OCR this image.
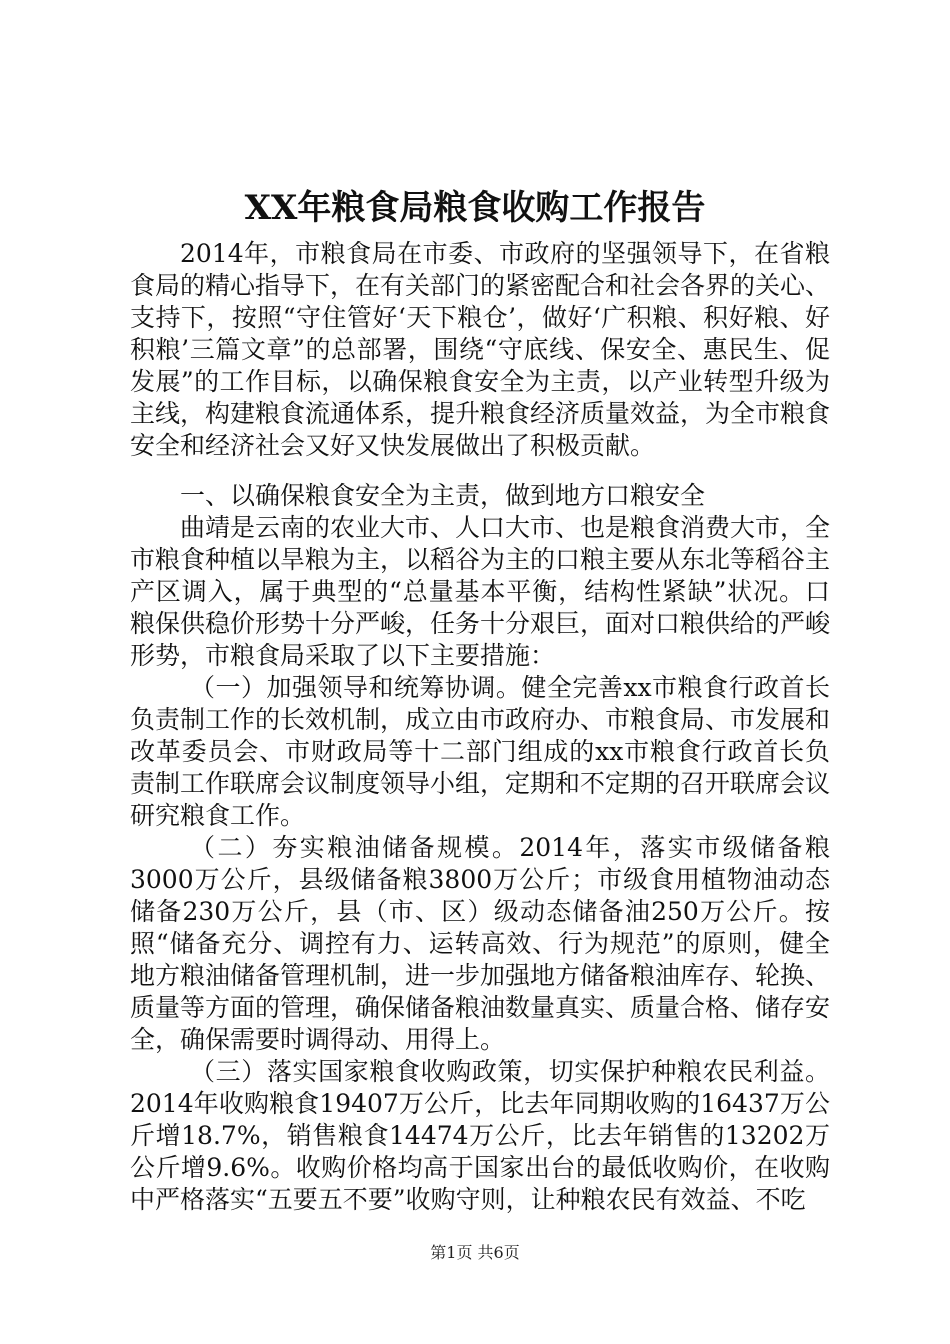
XX年粮食局粮食收购工作报告

2014年，市粮食局在市委、市政府的坚强领导下，在省粮食局的精心指导下，在有关部门的紧密配合和社会各界的关心、支持下，按照“守住管好‘天下粮仓’，做好‘广积粮、积好粮、好积粮’三篇文章”的总部署，围绕“守底线、保安全、惠民生、促发展”的工作目标，以确保粮食安全为主责，以产业转型升级为主线，构建粮食流通体系，提升粮食经济质量效益，为全市粮食安全和经济社会又好又快发展做出了积极贡献。

一、以确保粮食安全为主责，做到地方口粮安全

曲靖是云南的农业大市、人口大市、也是粮食消费大市，全市粮食种植以旱粮为主，以稻谷为主的口粮主要从东北等稻谷主产区调入，属于典型的“总量基本平衡，结构性紧缺”状况。口粮保供稳价形势十分严峻，任务十分艰巨，面对口粮供给的严峻形势，市粮食局采取了以下主要措施：

（一）加强领导和统筹协调。健全完善xx市粮食行政首长负责制工作的长效机制，成立由市政府办、市粮食局、市发展和改革委员会、市财政局等十二部门组成的xx市粮食行政首长负责制工作联席会议制度领导小组，定期和不定期的召开联席会议研究粮食工作。

（二）夯实粮油储备规模。2014年，落实市级储备粮3000万公斤，县级储备粮3800万公斤；市级食用植物油动态储备230万公斤，县（市、区）级动态储备油250万公斤。按照“储备充分、调控有力、运转高效、行为规范”的原则，健全地方粮油储备管理机制，进一步加强地方储备粮油库存、轮换、质量等方面的管理，确保储备粮油数量真实、质量合格、储存安全，确保需要时调得动、用得上。

（三）落实国家粮食收购政策，切实保护种粮农民利益。2014年收购粮食19407万公斤，比去年同期收购的16437万公斤增18.7%，销售粮食14474万公斤，比去年销售的13202万公斤增9.6%。收购价格均高于国家出台的最低收购价，在收购中严格落实“五要五不要”收购守则，让种粮农民有效益、不吃

第1页 共6页
